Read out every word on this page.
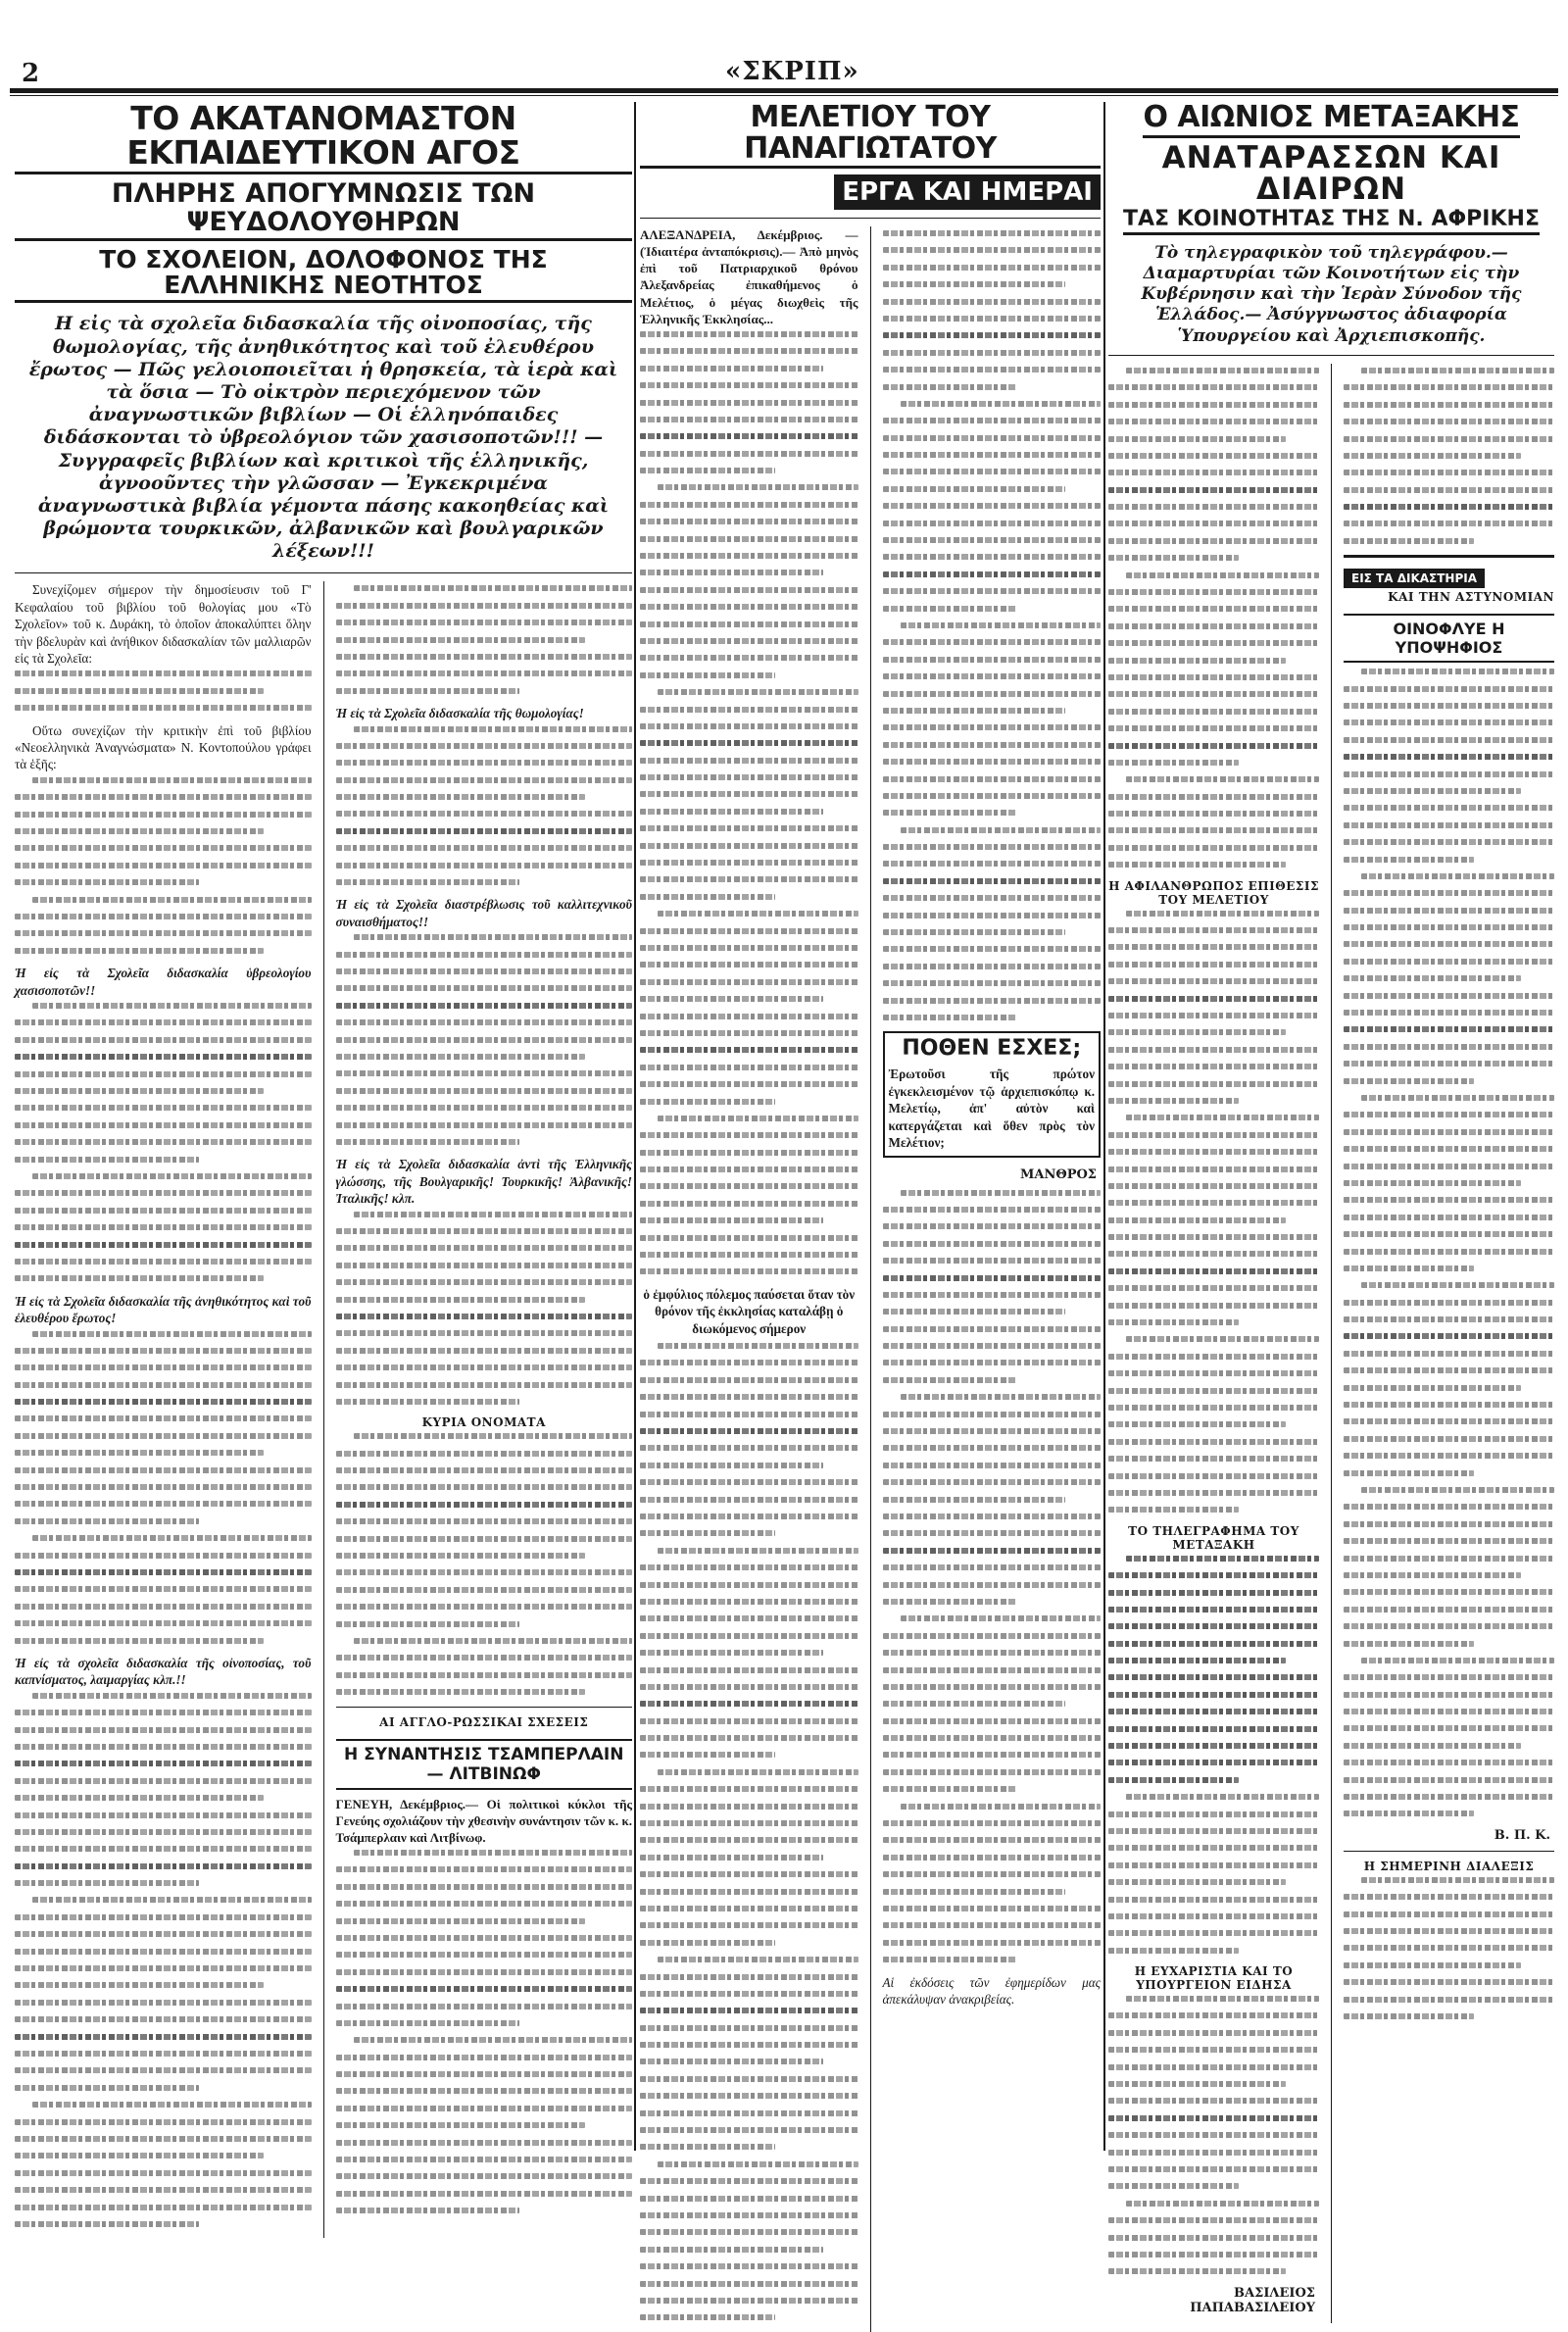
2	«ΣΚΡΙΠ»
ΤΟ ΑΚΑΤΑΝΟΜΑΣΤΟΝ ΕΚΠΑΙΔΕΥΤΙΚΟΝ ΑΓΟΣ
ΠΛΗΡΗΣ ΑΠΟΓΥΜΝΩΣΙΣ ΤΩΝ ΨΕΥΔΟΛΟΥΘΗΡΩΝ
ΤΟ ΣΧΟΛΕΙΟΝ, ΔΟΛΟΦΟΝΟΣ ΤΗΣ ΕΛΛΗΝΙΚΗΣ ΝΕΟΤΗΤΟΣ
Η εἰς τὰ σχολεῖα διδασκαλία τῆς οἰνοποσίας, τῆς θωμολογίας, τῆς ἀνηθικότητος καὶ τοῦ ἐλευθέρου ἔρωτος — Πῶς γελοιοποιεῖται ἡ θρησκεία, τὰ ἱερὰ καὶ τὰ ὅσια — Τὸ οἰκτρὸν περιεχόμενον τῶν ἀναγνωστικῶν βιβλίων — Οἱ ἑλληνόπαιδες διδάσκονται τὸ ὑβρεολόγιον τῶν χασισοποτῶν!!! — Συγγραφεῖς βιβλίων καὶ κριτικοὶ τῆς ἑλληνικῆς, ἀγνοοῦντες τὴν γλῶσσαν — Ἐγκεκριμένα ἀναγνωστικὰ βιβλία γέμοντα πάσης κακοηθείας καὶ βρώμοντα τουρκικῶν, ἀλβανικῶν καὶ βουλγαρικῶν λέξεων!!!

Συνεχίζομεν σήμερον τὴν δημοσίευσιν τοῦ Γ' Κεφαλαίου τοῦ βιβλίου τοῦ θολογίας μου «Τὸ Σχολεῖον» τοῦ κ. Δυράκη, τὸ ὁποῖον ἀποκαλύπτει ὅλην τὴν βδελυρὰν καὶ ἀνήθικον διδασκαλίαν τῶν μαλλιαρῶν εἰς τὰ Σχολεῖα:

Οὕτω συνεχίζων τὴν κριτικὴν ἐπὶ τοῦ βιβλίου «Νεοελληνικὰ Ἀναγνώσματα» Ν. Κοντοπούλου γράφει τὰ ἑξῆς:

Ἡ εἰς τὰ Σχολεῖα διδασκαλία ὑβρεολογίου χασισοποτῶν!!
Ἡ εἰς τὰ Σχολεῖα διδασκαλία τῆς ἀνηθικότητος καὶ τοῦ ἐλευθέρου ἔρωτος!
Ἡ εἰς τὰ σχολεῖα διδασκαλία τῆς οἰνοποσίας, τοῦ καπνίσματος, λαιμαργίας κλπ.!!
Ἡ εἰς τὰ Σχολεῖα διδασκαλία τῆς θωμολογίας!
Ἡ εἰς τὰ Σχολεῖα διαστρέβλωσις τοῦ καλλιτεχνικοῦ συναισθήματος!!
Ἡ εἰς τὰ Σχολεῖα διδασκαλία ἀντὶ τῆς Ἑλληνικῆς γλώσσης, τῆς Βουλγαρικῆς! Τουρκικῆς! Ἀλβανικῆς! Ἰταλικῆς! κλπ.
ΚΥΡΙΑ ΟΝΟΜΑΤΑ
ΑΙ ΑΓΓΛΟ-ΡΩΣΣΙΚΑΙ ΣΧΕΣΕΙΣ
Η ΣΥΝΑΝΤΗΣΙΣ ΤΣΑΜΠΕΡΛΑΙΝ — ΛΙΤΒΙΝΩΦ
ΓΕΝΕΥΗ, Δεκέμβριος.— Οἱ πολιτικοὶ κύκλοι τῆς Γενεύης σχολιάζουν τὴν χθεσινὴν συνάντησιν τῶν κ. κ. Τσάμπερλαιν καὶ Λιτβίνωφ.
ΜΕΛΕΤΙΟΥ ΤΟΥ ΠΑΝΑΓΙΩΤΑΤΟΥ
ΕΡΓΑ ΚΑΙ ΗΜΕΡΑΙ
ΑΛΕΞΑΝΔΡΕΙΑ, Δεκέμβριος. — (Ἰδιαιτέρα ἀνταπόκρισις).— Ἀπὸ μηνὸς ἐπὶ τοῦ Πατριαρχικοῦ θρόνου Ἀλεξανδρείας ἐπικαθήμενος ὁ Μελέτιος, ὁ μέγας διωχθεὶς τῆς Ἑλληνικῆς Ἐκκλησίας...
ὁ ἐμφύλιος πόλεμος παύσεται ὅταν τὸν θρόνον τῆς ἐκκλησίας καταλάβῃ ὁ διωκόμενος σήμερον
ΠΟΘΕΝ ΕΣΧΕΣ;
Ἐρωτοῦσι τῆς πρώτον ἐγκεκλεισμένον τῷ ἀρχιεπισκόπῳ κ. Μελετίῳ, ἀπ' αὐτὸν καὶ κατεργάζεται καὶ ὅθεν πρὸς τὸν Μελέτιον;
ΜΑΝΘΡΟΣ
Αἱ ἐκδόσεις τῶν ἐφημερίδων μας ἀπεκάλυψαν ἀνακριβείας.
Ο ΑΙΩΝΙΟΣ ΜΕΤΑΞΑΚΗΣ
ΑΝΑΤΑΡΑΣΣΩΝ ΚΑΙ ΔΙΑΙΡΩΝ
ΤΑΣ ΚΟΙΝΟΤΗΤΑΣ ΤΗΣ Ν. ΑΦΡΙΚΗΣ
Τὸ τηλεγραφικὸν τοῦ τηλεγράφου.— Διαμαρτυρίαι τῶν Κοινοτήτων εἰς τὴν Κυβέρνησιν καὶ τὴν Ἱερὰν Σύνοδον τῆς Ἑλλάδος.— Ἀσύγγνωστος ἀδιαφορία Ὑπουργείου καὶ Ἀρχιεπισκοπῆς.
Η ΑΦΙΛΑΝΘΡΩΠΟΣ ΕΠΙΘΕΣΙΣ ΤΟΥ ΜΕΛΕΤΙΟΥ
ΤΟ ΤΗΛΕΓΡΑΦΗΜΑ ΤΟΥ ΜΕΤΑΞΑΚΗ
Η ΕΥΧΑΡΙΣΤΙΑ ΚΑΙ ΤΟ ΥΠΟΥΡΓΕΙΟΝ ΕΙΔΗΣΑ
ΒΑΣΙΛΕΙΟΣ ΠΑΠΑΒΑΣΙΛΕΙΟΥ
ΕΙΣ ΤΑ ΔΙΚΑΣΤΗΡΙΑ
ΚΑΙ ΤΗΝ ΑΣΤΥΝΟΜΙΑΝ
ΟΙΝΟΦΛΥΕ Η ΥΠΟΨΗΦΙΟΣ
Β. Π. Κ.
Η ΣΗΜΕΡΙΝΗ ΔΙΑΛΕΞΙΣ
